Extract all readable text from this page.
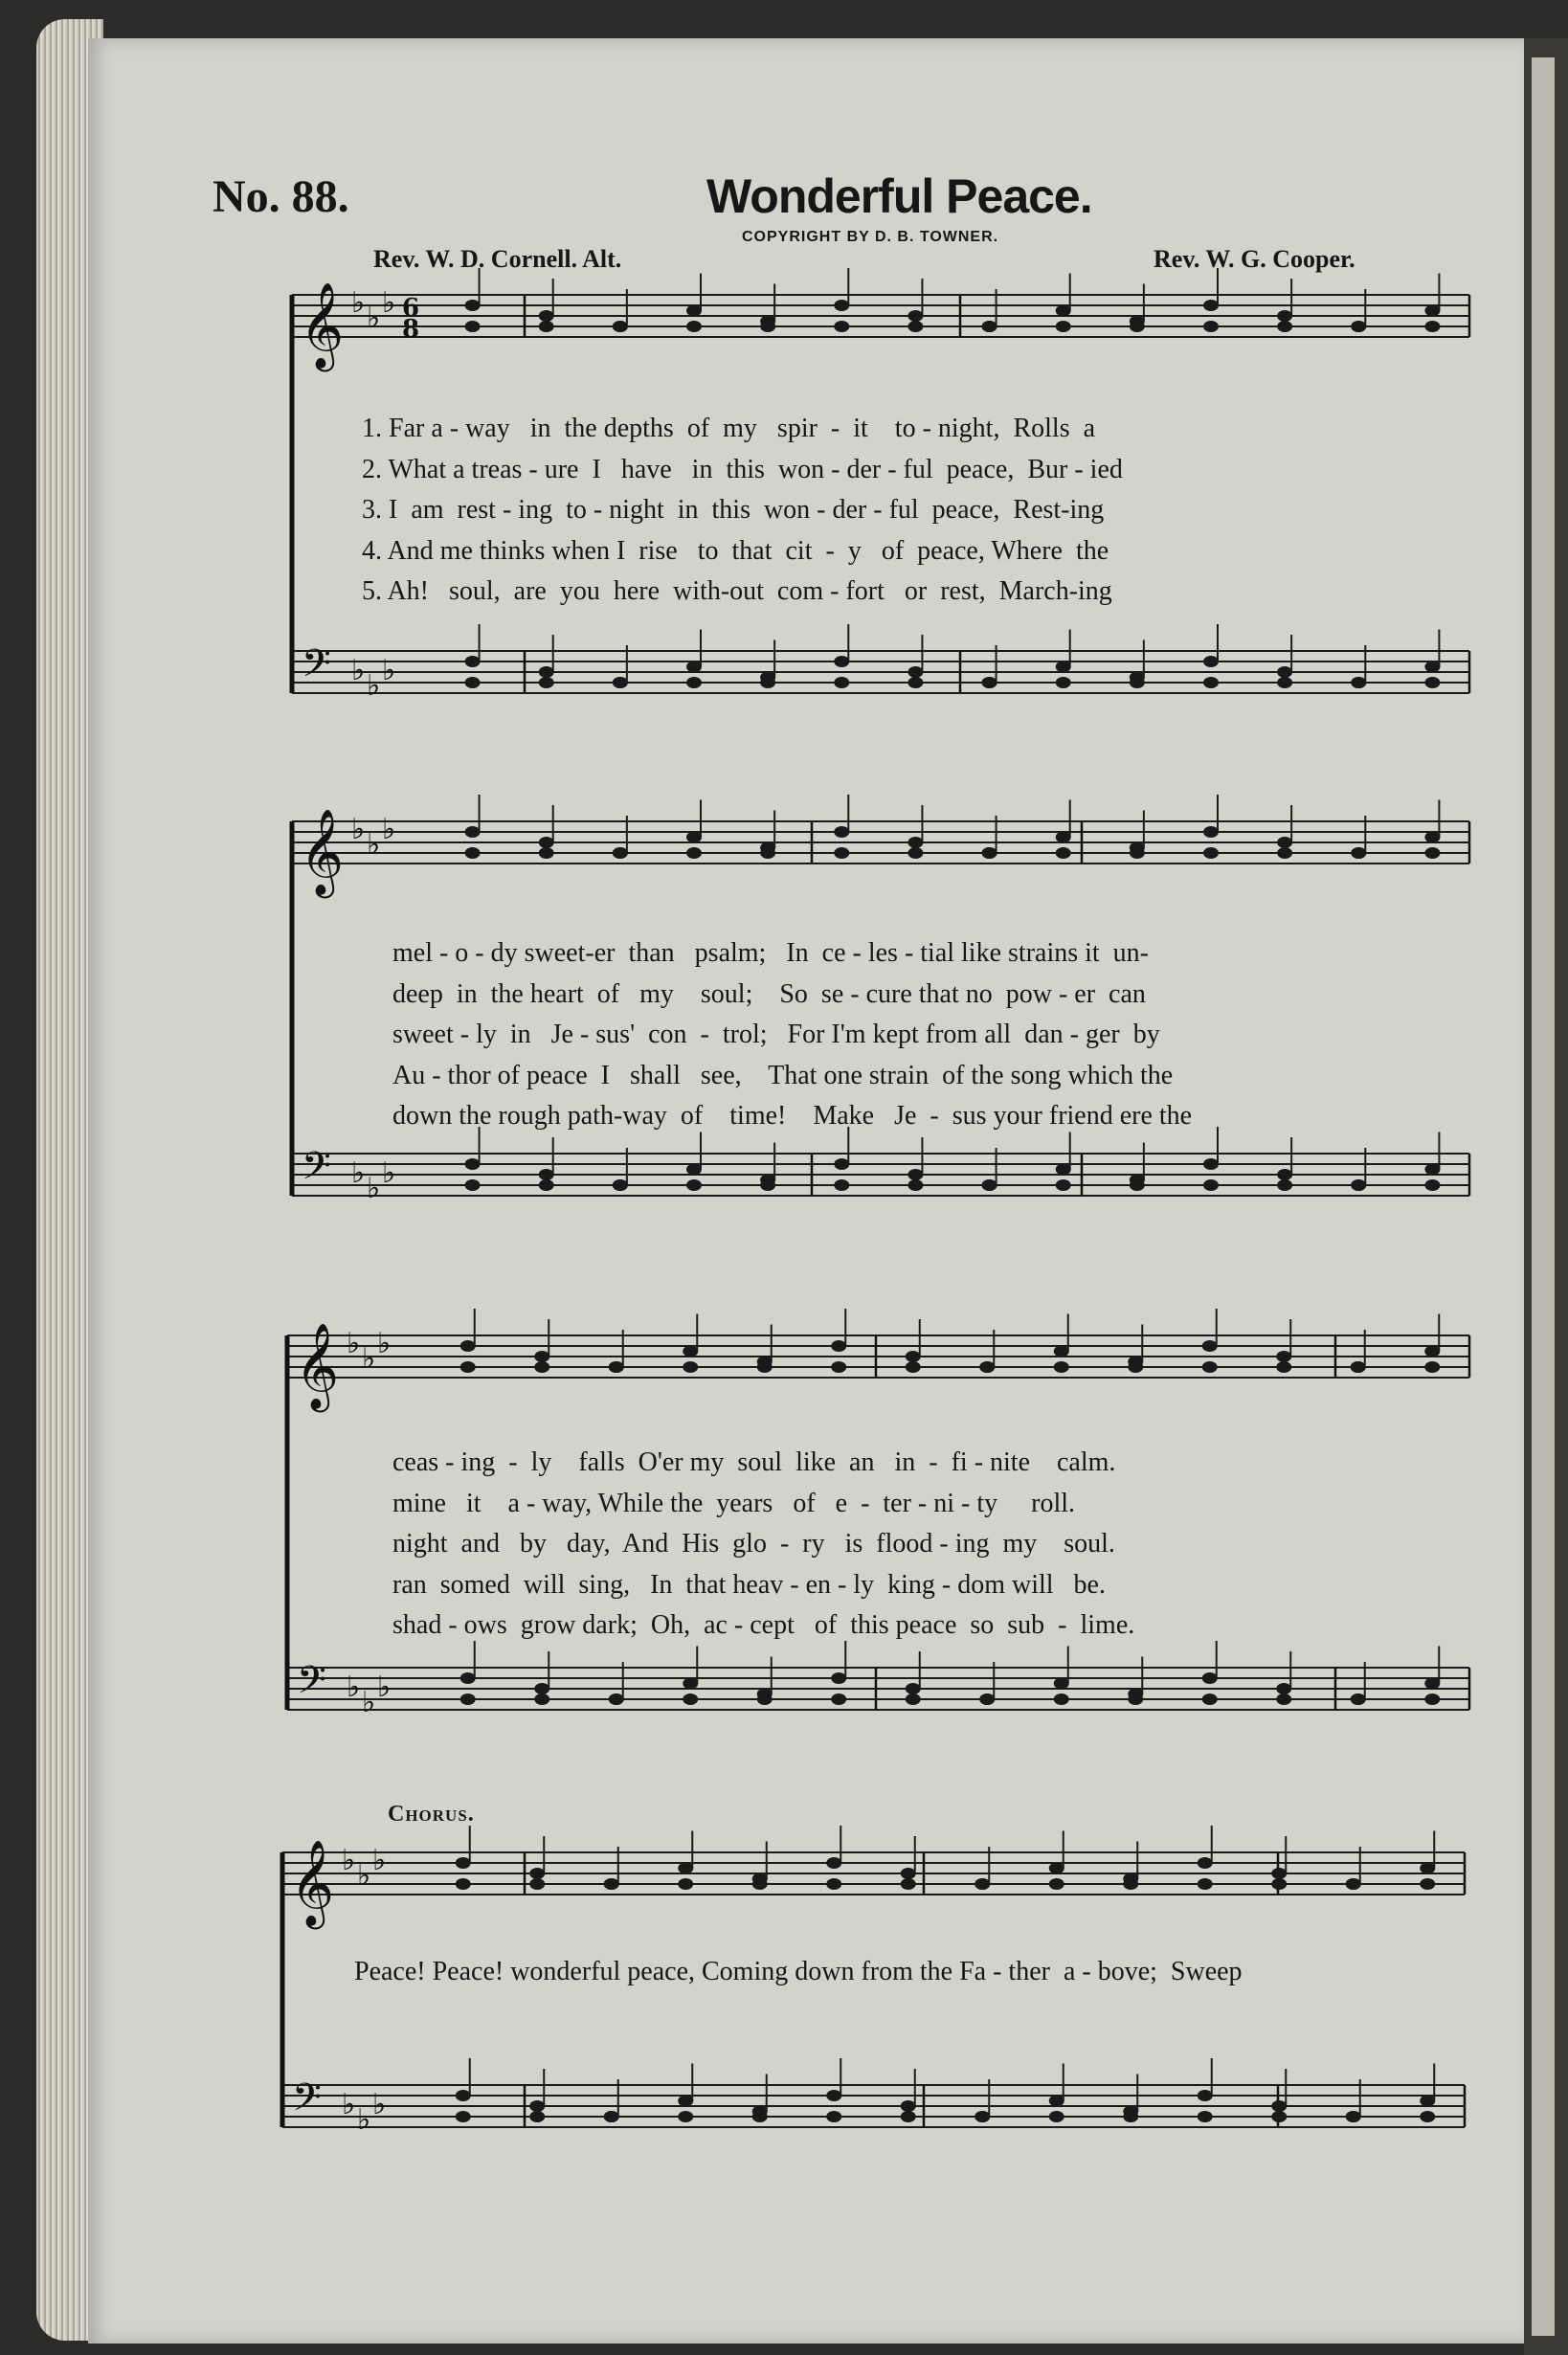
No. 88.	Wonderful Peace.
COPYRIGHT BY D. B. TOWNER.
Rev. W. D. Cornell. Alt.	Rev. W. G. Cooper.
𝄞
𝄢
♭
♭
♭
♭
♭
♭
6
8
𝄞
𝄢
♭
♭
♭
♭
♭
♭
𝄞
𝄢
♭
♭
♭
♭
♭
♭
𝄞
𝄢
♭
♭
♭
♭
♭
♭
1. Far a - way   in  the depths  of  my   spir  -  it    to - night,  Rolls  a
2. What a treas - ure  I   have   in  this  won - der - ful  peace,  Bur - ied
3. I  am  rest - ing  to - night  in  this  won - der - ful  peace,  Rest-ing
4. And me thinks when I  rise   to  that  cit  -  y   of  peace, Where  the
5. Ah!   soul,  are  you  here  with-out  com - fort   or  rest,  March-ing
mel - o - dy sweet-er  than   psalm;   In  ce - les - tial like strains it  un-
deep  in  the heart  of   my    soul;    So  se - cure that no  pow - er  can
sweet - ly  in   Je - sus'  con  -  trol;   For I'm kept from all  dan - ger  by
Au - thor of peace  I   shall   see,    That one strain  of the song which the
down the rough path-way  of    time!    Make   Je  -  sus your friend ere the
ceas - ing  -  ly    falls  O'er my  soul  like  an   in  -  fi - nite    calm.
mine   it    a - way, While the  years   of   e  -  ter - ni - ty     roll.
night  and   by   day,  And  His  glo  -  ry   is  flood - ing  my    soul.
ran  somed  will  sing,   In  that heav - en - ly  king - dom will   be.
shad - ows  grow dark;  Oh,  ac - cept   of  this peace  so  sub  -  lime.
Peace! Peace! wonderful peace, Coming down from the Fa - ther  a - bove;  Sweep
Chorus.
